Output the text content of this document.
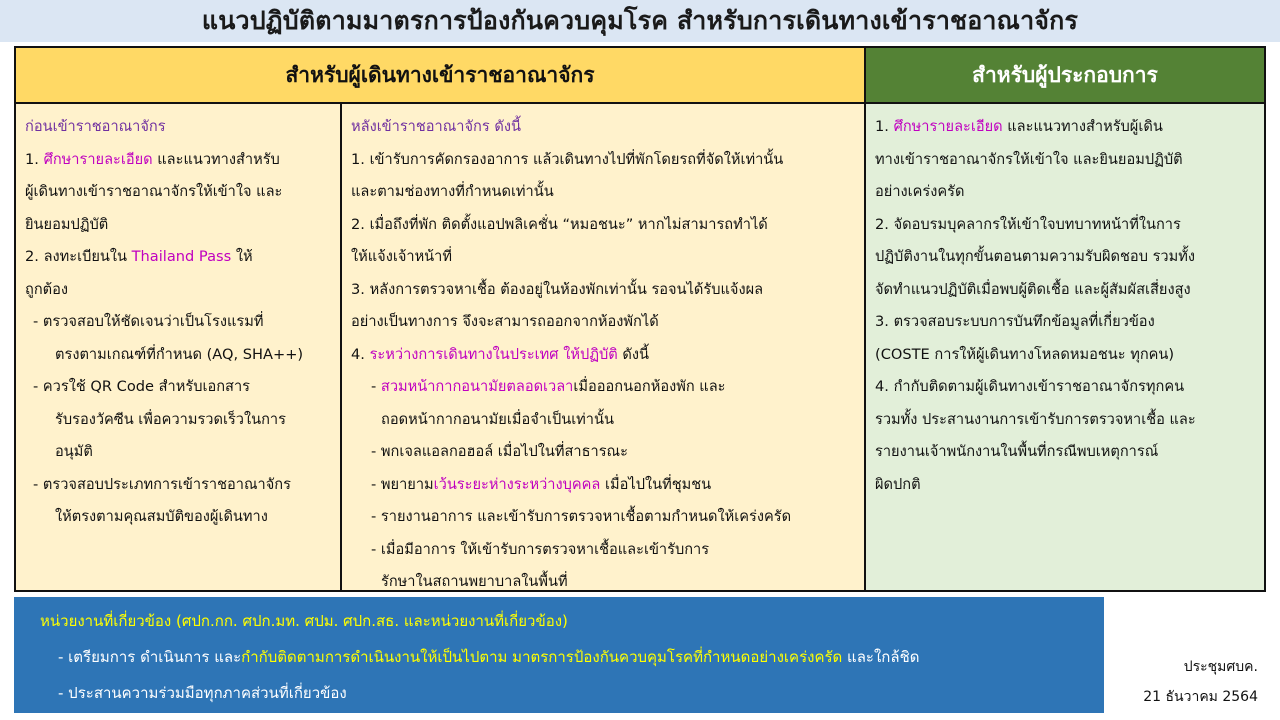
แนวปฏิบัติตามมาตรการป้องกันควบคุมโรค สำหรับการเดินทางเข้าราชอาณาจักร
สำหรับผู้เดินทางเข้าราชอาณาจักร	สำหรับผู้ประกอบการ
ก่อนเข้าราชอาณาจักร
1. ศึกษารายละเอียด และแนวทางสำหรับ
ผู้เดินทางเข้าราชอาณาจักรให้เข้าใจ และ
ยินยอมปฏิบัติ
2. ลงทะเบียนใน Thailand Pass ให้
ถูกต้อง
- ตรวจสอบให้ชัดเจนว่าเป็นโรงแรมที่
ตรงตามเกณฑ์ที่กำหนด (AQ, SHA++)
- ควรใช้ QR Code สำหรับเอกสาร
รับรองวัคซีน เพื่อความรวดเร็วในการ
อนุมัติ
- ตรวจสอบประเภทการเข้าราชอาณาจักร
ให้ตรงตามคุณสมบัติของผู้เดินทาง
หลังเข้าราชอาณาจักร ดังนี้
1. เข้ารับการคัดกรองอาการ แล้วเดินทางไปที่พักโดยรถที่จัดให้เท่านั้น
และตามช่องทางที่กำหนดเท่านั้น
2. เมื่อถึงที่พัก ติดตั้งแอปพลิเคชั่น “หมอชนะ” หากไม่สามารถทำได้
ให้แจ้งเจ้าหน้าที่
3. หลังการตรวจหาเชื้อ ต้องอยู่ในห้องพักเท่านั้น รอจนได้รับแจ้งผล
อย่างเป็นทางการ จึงจะสามารถออกจากห้องพักได้
4. ระหว่างการเดินทางในประเทศ ให้ปฏิบัติ ดังนี้
- สวมหน้ากากอนามัยตลอดเวลาเมื่อออกนอกห้องพัก และ
ถอดหน้ากากอนามัยเมื่อจำเป็นเท่านั้น
- พกเจลแอลกอฮอล์ เมื่อไปในที่สาธารณะ
- พยายามเว้นระยะห่างระหว่างบุคคล เมื่อไปในที่ชุมชน
- รายงานอาการ และเข้ารับการตรวจหาเชื้อตามกำหนดให้เคร่งครัด
- เมื่อมีอาการ ให้เข้ารับการตรวจหาเชื้อและเข้ารับการ
รักษาในสถานพยาบาลในพื้นที่
1. ศึกษารายละเอียด และแนวทางสำหรับผู้เดิน
ทางเข้าราชอาณาจักรให้เข้าใจ และยินยอมปฏิบัติ
อย่างเคร่งครัด
2. จัดอบรมบุคลากรให้เข้าใจบทบาทหน้าที่ในการ
ปฏิบัติงานในทุกขั้นตอนตามความรับผิดชอบ รวมทั้ง
จัดทำแนวปฏิบัติเมื่อพบผู้ติดเชื้อ และผู้สัมผัสเสี่ยงสูง
3. ตรวจสอบระบบการบันทึกข้อมูลที่เกี่ยวข้อง
(COSTE การให้ผู้เดินทางโหลดหมอชนะ ทุกคน)
4. กำกับติดตามผู้เดินทางเข้าราชอาณาจักรทุกคน
รวมทั้ง ประสานงานการเข้ารับการตรวจหาเชื้อ และ
รายงานเจ้าพนักงานในพื้นที่กรณีพบเหตุการณ์
ผิดปกติ
หน่วยงานที่เกี่ยวข้อง (ศปก.กก. ศปก.มท. ศปม. ศปก.สธ. และหน่วยงานที่เกี่ยวข้อง)
- เตรียมการ ดำเนินการ และกำกับติดตามการดำเนินงานให้เป็นไปตาม มาตรการป้องกันควบคุมโรคที่กำหนดอย่างเคร่งครัด และใกล้ชิด
- ประสานความร่วมมือทุกภาคส่วนที่เกี่ยวข้อง
ประชุมศบค.
21 ธันวาคม 2564
